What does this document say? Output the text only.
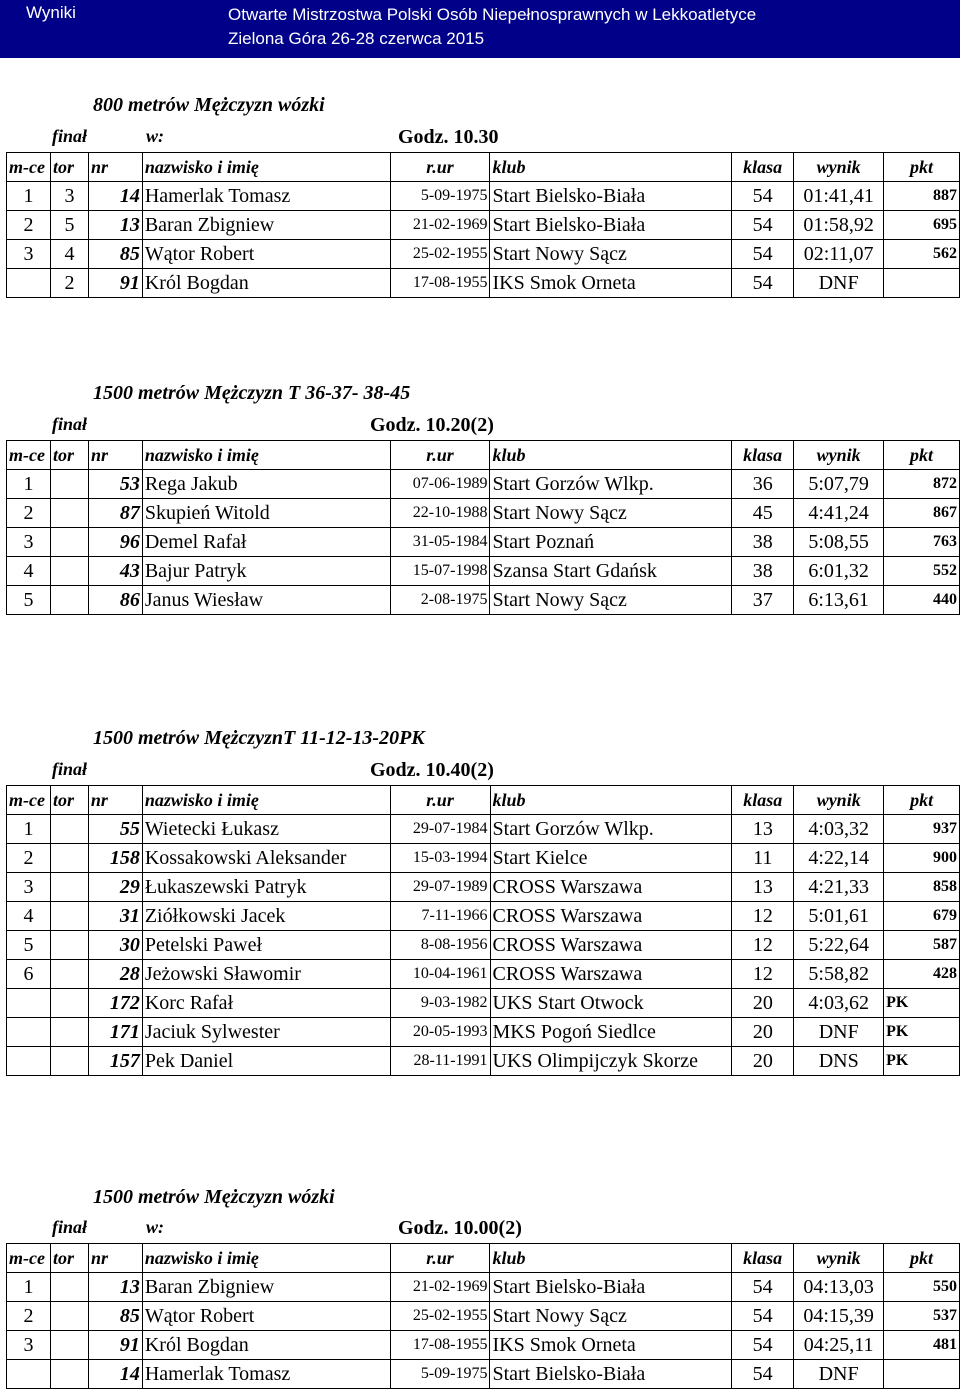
Wyniki	Otwarte Mistrzostwa Polski Osób Niepełnosprawnych w Lekkoatletyce
Zielona Góra 26-28 czerwca 2015
800 metrów Mężczyzn wózki
finał	w:	Godz. 10.30
m-ce	tor	nr	nazwisko i imię	r.ur	klub	klasa	wynik	pkt
1	3	14	Hamerlak Tomasz	5-09-1975	Start Bielsko-Biała	54	01:41,41	887
2	5	13	Baran Zbigniew	21-02-1969	Start Bielsko-Biała	54	01:58,92	695
3	4	85	Wątor Robert	25-02-1955	Start Nowy Sącz	54	02:11,07	562
	2	91	Król Bogdan	17-08-1955	IKS Smok Orneta	54	DNF	
1500 metrów Mężczyzn T 36-37- 38-45
finał	Godz. 10.20(2)
m-ce	tor	nr	nazwisko i imię	r.ur	klub	klasa	wynik	pkt
1		53	Rega Jakub	07-06-1989	Start Gorzów Wlkp.	36	5:07,79	872
2		87	Skupień Witold	22-10-1988	Start Nowy Sącz	45	4:41,24	867
3		96	Demel Rafał	31-05-1984	Start Poznań	38	5:08,55	763
4		43	Bajur Patryk	15-07-1998	Szansa Start Gdańsk	38	6:01,32	552
5		86	Janus Wiesław	2-08-1975	Start Nowy Sącz	37	6:13,61	440
1500 metrów MężczyznT 11-12-13-20PK
finał	Godz. 10.40(2)
m-ce	tor	nr	nazwisko i imię	r.ur	klub	klasa	wynik	pkt
1		55	Wietecki Łukasz	29-07-1984	Start Gorzów Wlkp.	13	4:03,32	937
2		158	Kossakowski Aleksander	15-03-1994	Start Kielce	11	4:22,14	900
3		29	Łukaszewski Patryk	29-07-1989	CROSS Warszawa	13	4:21,33	858
4		31	Ziółkowski Jacek	7-11-1966	CROSS Warszawa	12	5:01,61	679
5		30	Petelski Paweł	8-08-1956	CROSS Warszawa	12	5:22,64	587
6		28	Jeżowski Sławomir	10-04-1961	CROSS Warszawa	12	5:58,82	428
		172	Korc Rafał	9-03-1982	UKS Start Otwock	20	4:03,62	PK
		171	Jaciuk Sylwester	20-05-1993	MKS Pogoń Siedlce	20	DNF	PK
		157	Pek Daniel	28-11-1991	UKS Olimpijczyk Skorze	20	DNS	PK
1500 metrów Mężczyzn wózki
finał	w:	Godz. 10.00(2)
m-ce	tor	nr	nazwisko i imię	r.ur	klub	klasa	wynik	pkt
1		13	Baran Zbigniew	21-02-1969	Start Bielsko-Biała	54	04:13,03	550
2		85	Wątor Robert	25-02-1955	Start Nowy Sącz	54	04:15,39	537
3		91	Król Bogdan	17-08-1955	IKS Smok Orneta	54	04:25,11	481
		14	Hamerlak Tomasz	5-09-1975	Start Bielsko-Biała	54	DNF	
